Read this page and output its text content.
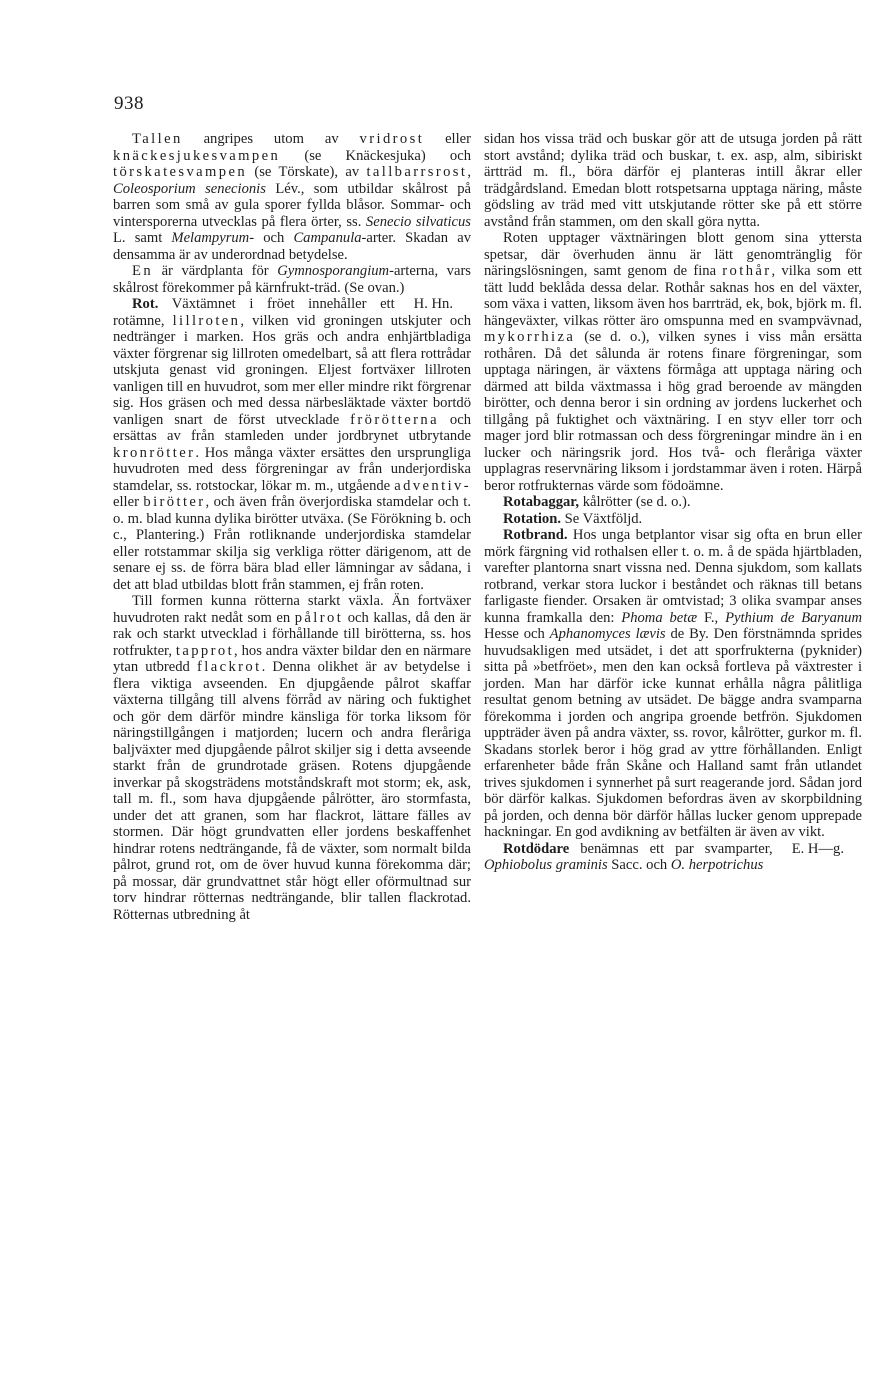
938

Tallen angripes utom av vridrost eller knäckesjukesvampen (se Knäckesjuka) och törskatesvampen (se Törskate), av tallbarrsrost, Coleosporium senecionis Lév., som utbildar skålrost på barren som små av gula sporer fyllda blåsor. Sommar- och vintersporerna utvecklas på flera örter, ss. Senecio silvaticus L. samt Melampyrum- och Campanula-arter. Skadan av densamma är av underordnad betydelse.

En är värdplanta för Gymnosporangium-arterna, vars skålrost förekommer på kärnfrukt-träd. (Se ovan.)
H. Hn.

Rot. Växtämnet i fröet innehåller ett rotämne, lillroten, vilken vid groningen utskjuter och nedtränger i marken. Hos gräs och andra enhjärtbladiga växter förgrenar sig lillroten omedelbart, så att flera rottrådar utskjuta genast vid groningen. Eljest fortväxer lillroten vanligen till en huvudrot, som mer eller mindre rikt förgrenar sig. Hos gräsen och med dessa närbesläktade växter bortdö vanligen snart de först utvecklade frörötterna och ersättas av från stamleden under jordbrynet utbrytande kronrötter. Hos många växter ersättes den ursprungliga huvudroten med dess förgreningar av från underjordiska stamdelar, ss. rotstockar, lökar m. m., utgående adventiv- eller birötter, och även från överjordiska stamdelar och t. o. m. blad kunna dylika birötter utväxa. (Se Förökning b. och c., Plantering.) Från rotliknande underjordiska stamdelar eller rotstammar skilja sig verkliga rötter därigenom, att de senare ej ss. de förra bära blad eller lämningar av sådana, i det att blad utbildas blott från stammen, ej från roten.

Till formen kunna rötterna starkt växla. Än fortväxer huvudroten rakt nedåt som en pålrot och kallas, då den är rak och starkt utvecklad i förhållande till birötterna, ss. hos rotfrukter, tapprot, hos andra växter bildar den en närmare ytan utbredd flackrot. Denna olikhet är av betydelse i flera viktiga avseenden. En djupgående pålrot skaffar växterna tillgång till alvens förråd av näring och fuktighet och gör dem därför mindre känsliga för torka liksom för näringstillgången i matjorden; lucern och andra fleråriga baljväxter med djupgående pålrot skiljer sig i detta avseende starkt från de grundrotade gräsen. Rotens djupgående inverkar på skogsträdens motståndskraft mot storm; ek, ask, tall m. fl., som hava djupgående pålrötter, äro stormfasta, under det att granen, som har flackrot, lättare fälles av stormen. Där högt grundvatten eller jordens beskaffenhet hindrar rotens nedträngande, få de växter, som normalt bilda pålrot, grund rot, om de över huvud kunna förekomma där; på mossar, där grundvattnet står högt eller oförmultnad sur torv hindrar rötternas nedträngande, blir tallen flackrotad. Rötternas utbredning åt

sidan hos vissa träd och buskar gör att de utsuga jorden på rätt stort avstånd; dylika träd och buskar, t. ex. asp, alm, sibiriskt ärtträd m. fl., böra därför ej planteras intill åkrar eller trädgårdsland. Emedan blott rotspetsarna upptaga näring, måste gödsling av träd med vitt utskjutande rötter ske på ett större avstånd från stammen, om den skall göra nytta.

Roten upptager växtnäringen blott genom sina yttersta spetsar, där överhuden ännu är lätt genomtränglig för näringslösningen, samt genom de fina rothår, vilka som ett tätt ludd beklåda dessa delar. Rothår saknas hos en del växter, som växa i vatten, liksom även hos barrträd, ek, bok, björk m. fl. hängeväxter, vilkas rötter äro omspunna med en svampvävnad, mykorrhiza (se d. o.), vilken synes i viss mån ersätta rothåren. Då det sålunda är rotens finare förgreningar, som upptaga näringen, är växtens förmåga att upptaga näring och därmed att bilda växtmassa i hög grad beroende av mängden birötter, och denna beror i sin ordning av jordens luckerhet och tillgång på fuktighet och växtnäring. I en styv eller torr och mager jord blir rotmassan och dess förgreningar mindre än i en lucker och näringsrik jord. Hos två- och fleråriga växter upplagras reservnäring liksom i jordstammar även i roten. Härpå beror rotfrukternas värde som födoämne.

Rotabaggar, kålrötter (se d. o.).

Rotation. Se Växtföljd.

Rotbrand. Hos unga betplantor visar sig ofta en brun eller mörk färgning vid rothalsen eller t. o. m. å de späda hjärtbladen, varefter plantorna snart vissna ned. Denna sjukdom, som kallats rotbrand, verkar stora luckor i beståndet och räknas till betans farligaste fiender. Orsaken är omtvistad; 3 olika svampar anses kunna framkalla den: Phoma betæ F., Pythium de Baryanum Hesse och Aphanomyces lævis de By. Den förstnämnda sprides huvudsakligen med utsädet, i det att sporfrukterna (pyknider) sitta på »betfröet», men den kan också fortleva på växtrester i jorden. Man har därför icke kunnat erhålla några pålitliga resultat genom betning av utsädet. De bägge andra svamparna förekomma i jorden och angripa groende betfrön. Sjukdomen uppträder även på andra växter, ss. rovor, kålrötter, gurkor m. fl. Skadans storlek beror i hög grad av yttre förhållanden. Enligt erfarenheter både från Skåne och Halland samt från utlandet trives sjukdomen i synnerhet på surt reagerande jord. Sådan jord bör därför kalkas. Sjukdomen befordras även av skorpbildning på jorden, och denna bör därför hållas lucker genom upprepade hackningar. En god avdikning av betfälten är även av vikt.
E. H—g.

Rotdödare benämnas ett par svamparter, Ophiobolus graminis Sacc. och O. herpotrichus
